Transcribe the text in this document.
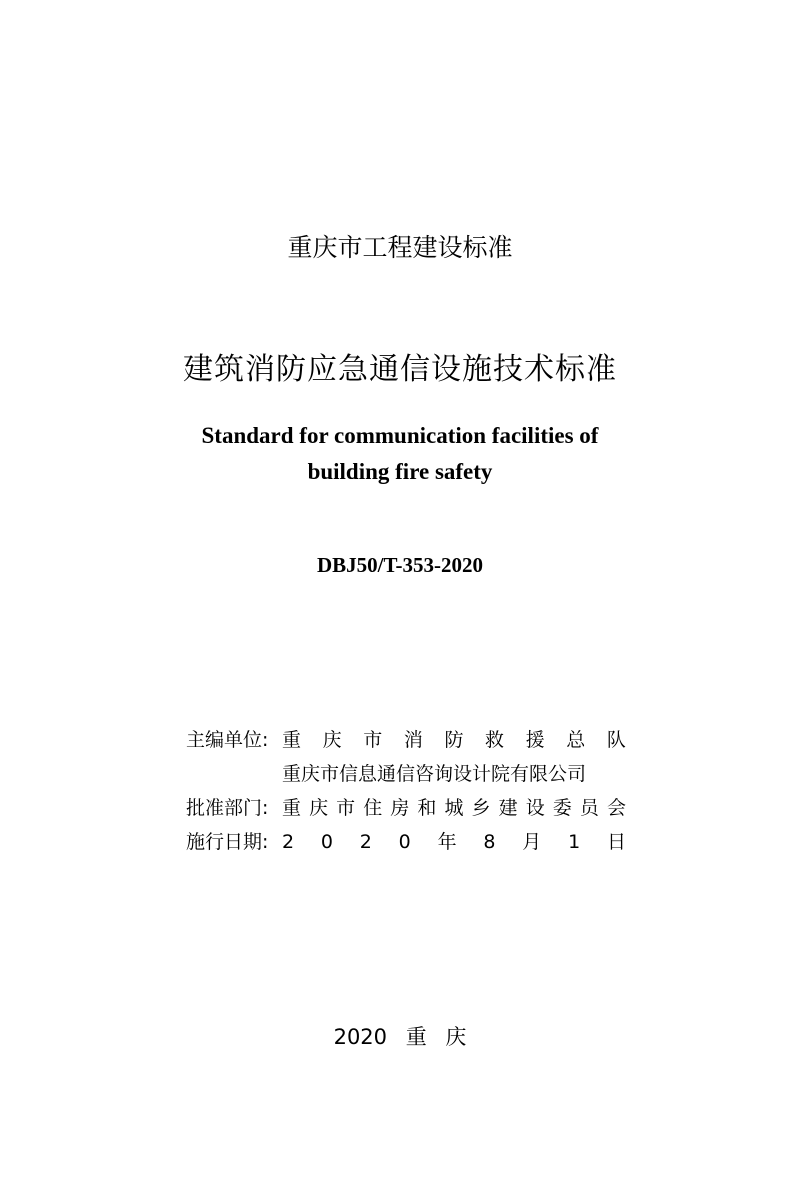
重庆市工程建设标准
建筑消防应急通信设施技术标准
Standard for communication facilities of
building fire safety
DBJ50/T-353-2020
主编单位: 重 庆 市 消 防 救 援 总 队
重庆市信息通信咨询设计院有限公司
批准部门: 重 庆 市 住 房 和 城 乡 建 设 委 员 会
施行日期: 2 0 2 0 年 8 月 1 日
2020 重 庆
